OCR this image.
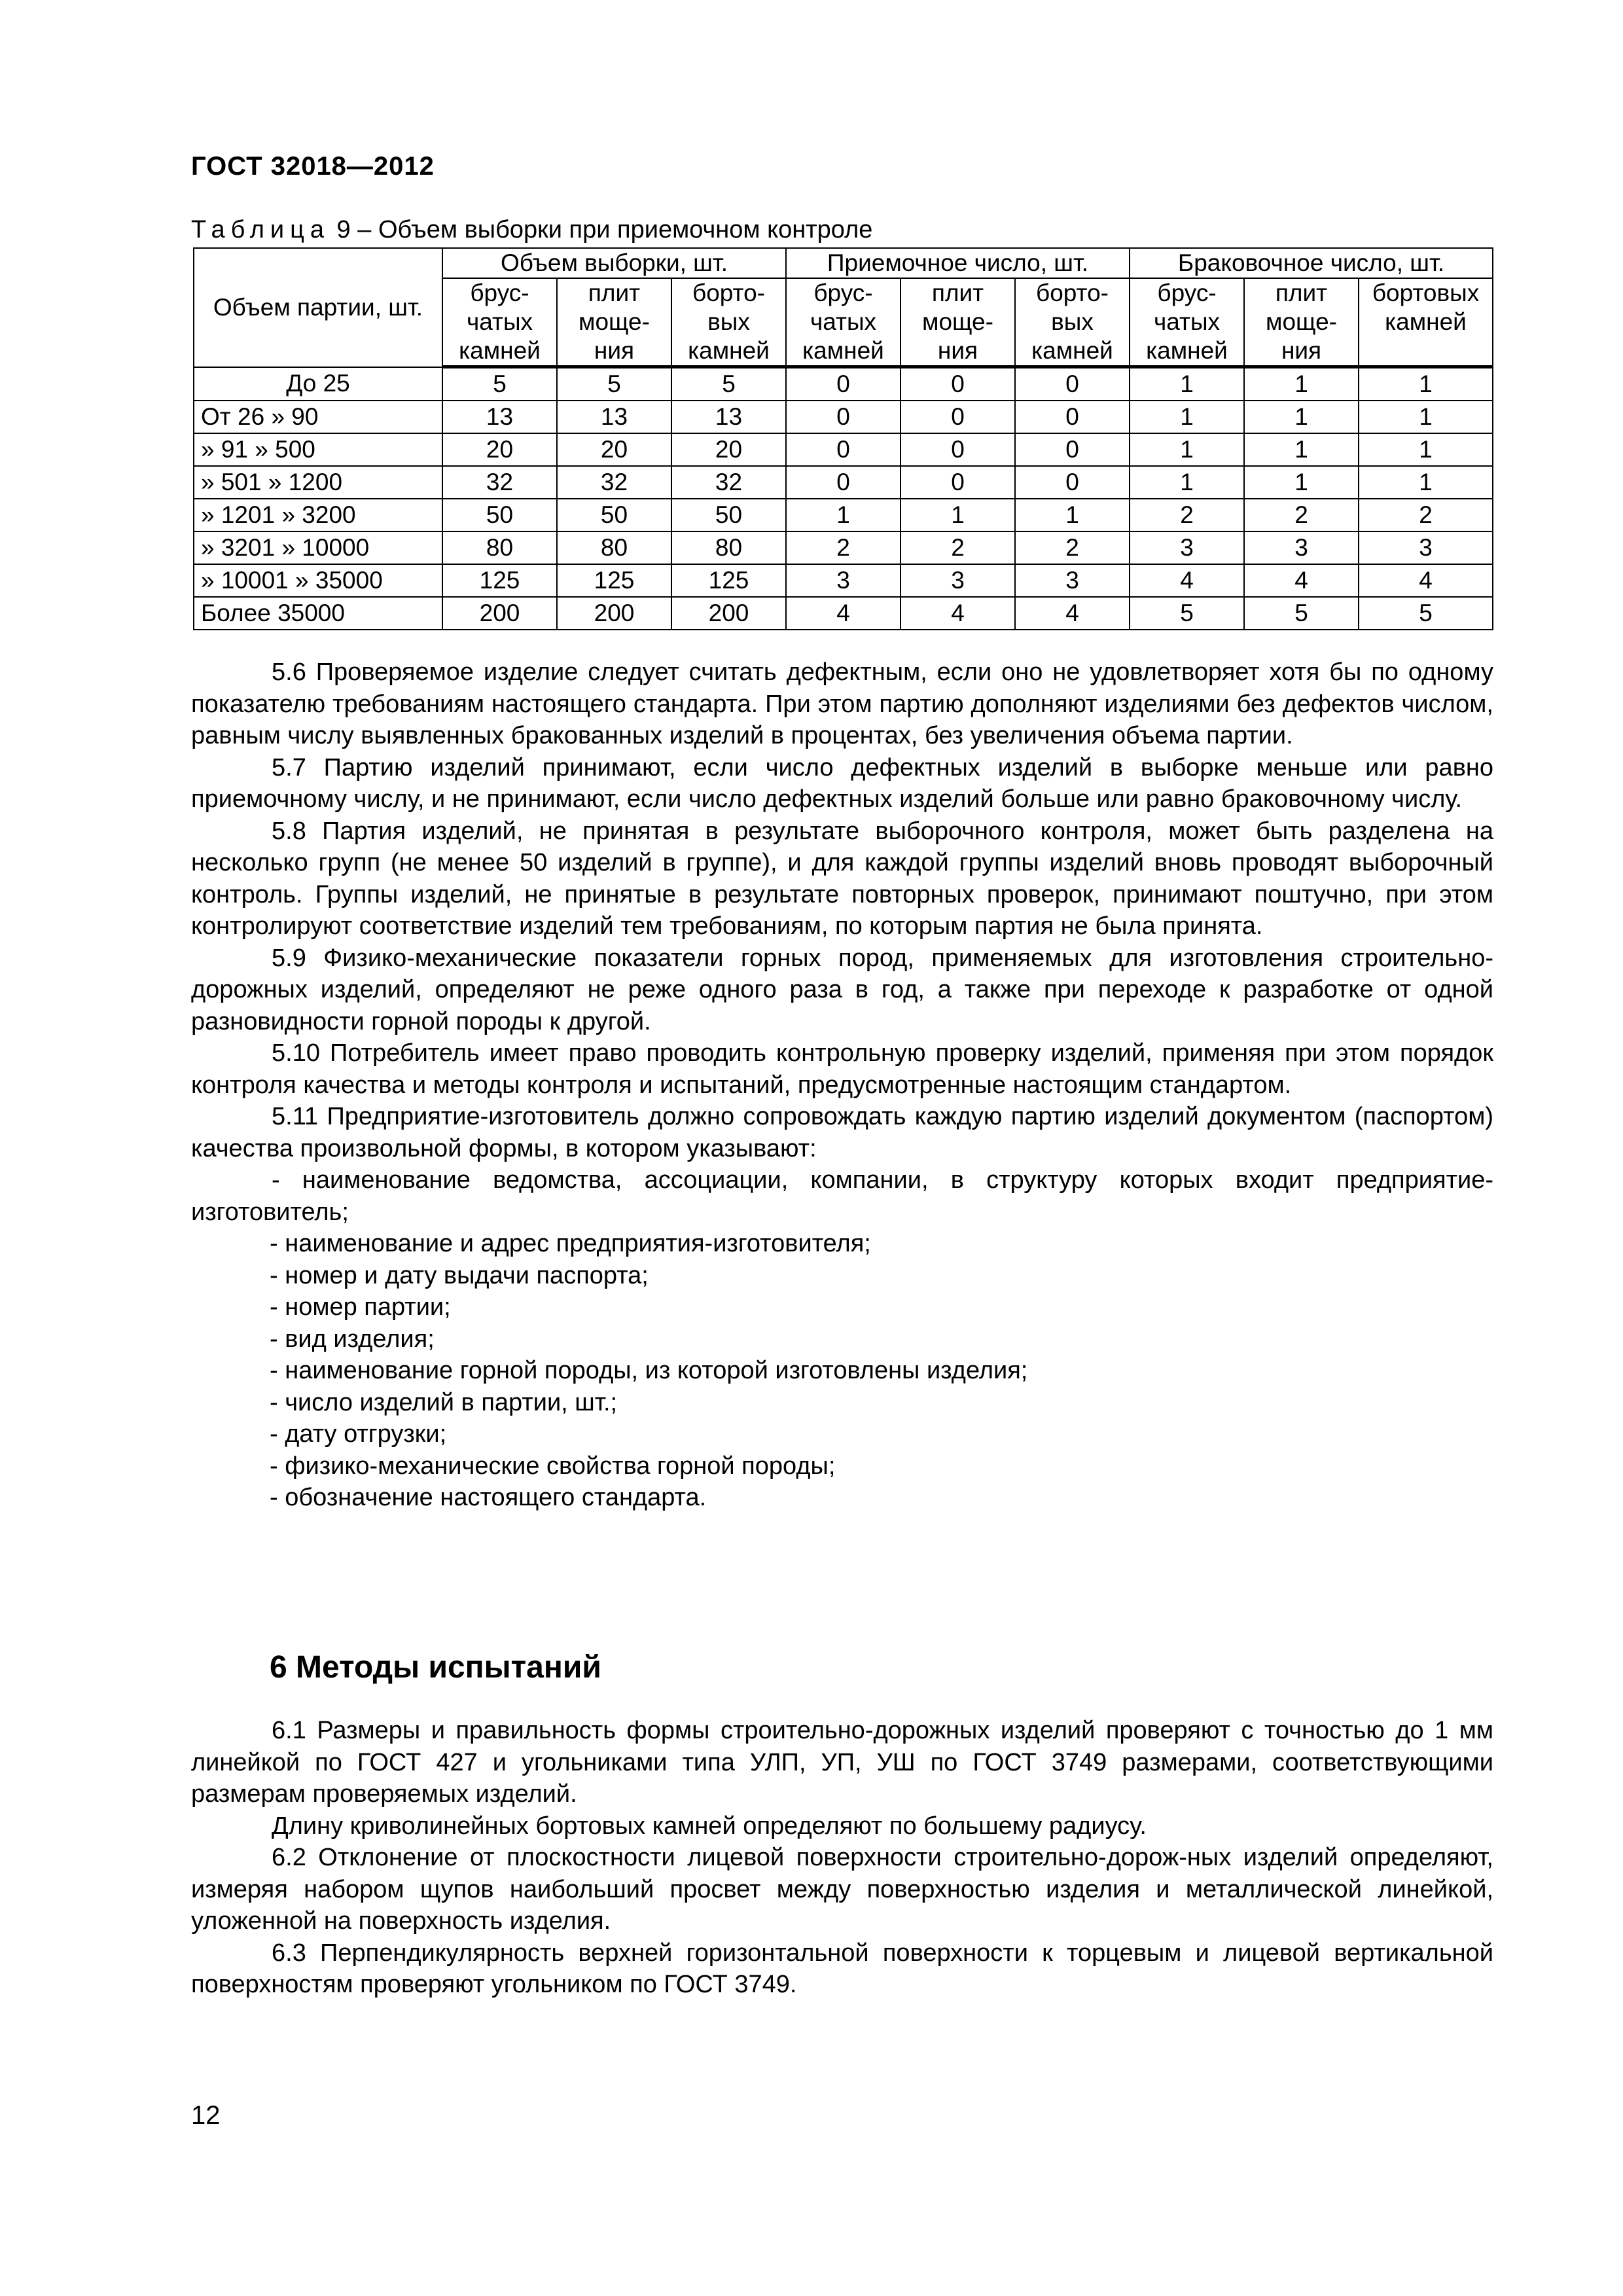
ГОСТ 32018—2012
Таблица 9 – Объем выборки при приемочном контроле
Объем партии, шт.	Объем выборки, шт.			Приемочное число, шт.			Браковочное число, шт.		
	брус-
чатых
камней	плит
моще-
ния	борто-
вых
камней	брус-
чатых
камней	плит
моще-
ния	борто-
вых
камней	брус-
чатых
камней	плит
моще-
ния	бортовых
камней
До 25	5	5	5	0	0	0	1	1	1
От 26 » 90	13	13	13	0	0	0	1	1	1
» 91 » 500	20	20	20	0	0	0	1	1	1
» 501 » 1200	32	32	32	0	0	0	1	1	1
» 1201 » 3200	50	50	50	1	1	1	2	2	2
» 3201 » 10000	80	80	80	2	2	2	3	3	3
» 10001 » 35000	125	125	125	3	3	3	4	4	4
Более 35000	200	200	200	4	4	4	5	5	5

5.6 Проверяемое изделие следует считать дефектным, если оно не удовлетворяет хотя бы по одному показателю требованиям настоящего стандарта. При этом партию дополняют изделиями без дефектов числом, равным числу выявленных бракованных изделий в процентах, без увеличения объема партии.

5.7 Партию изделий принимают, если число дефектных изделий в выборке меньше или равно приемочному числу, и не принимают, если число дефектных изделий больше или равно браковочному числу.

5.8 Партия изделий, не принятая в результате выборочного контроля, может быть разделена на несколько групп (не менее 50 изделий в группе), и для каждой группы изделий вновь проводят выборочный контроль. Группы изделий, не принятые в результате повторных проверок, принимают поштучно, при этом контролируют соответствие изделий тем требованиям, по которым партия не была принята.

5.9 Физико-механические показатели горных пород, применяемых для изготовления строительно-дорожных изделий, определяют не реже одного раза в год, а также при переходе к разработке от одной разновидности горной породы к другой.

5.10 Потребитель имеет право проводить контрольную проверку изделий, применяя при этом порядок контроля качества и методы контроля и испытаний, предусмотренные настоящим стандартом.

5.11 Предприятие-изготовитель должно сопровождать каждую партию изделий документом (паспортом) качества произвольной формы, в котором указывают:

- наименование ведомства, ассоциации, компании, в структуру которых входит предприятие-изготовитель;

- наименование и адрес предприятия-изготовителя;

- номер и дату выдачи паспорта;

- номер партии;

- вид изделия;

- наименование горной породы, из которой изготовлены изделия;

- число изделий в партии, шт.;

- дату отгрузки;

- физико-механические свойства горной породы;

- обозначение настоящего стандарта.

6 Методы испытаний

6.1 Размеры и правильность формы строительно-дорожных изделий проверяют с точностью до 1 мм линейкой по ГОСТ 427 и угольниками типа УЛП, УП, УШ по ГОСТ 3749 размерами, соответствующими размерам проверяемых изделий.

Длину криволинейных бортовых камней определяют по большему радиусу.

6.2 Отклонение от плоскостности лицевой поверхности строительно-дорож-ных изделий определяют, измеряя набором щупов наибольший просвет между поверхностью изделия и металлической линейкой, уложенной на поверхность изделия.

6.3 Перпендикулярность верхней горизонтальной поверхности к торцевым и лицевой вертикальной поверхностям проверяют угольником по ГОСТ 3749.

12
